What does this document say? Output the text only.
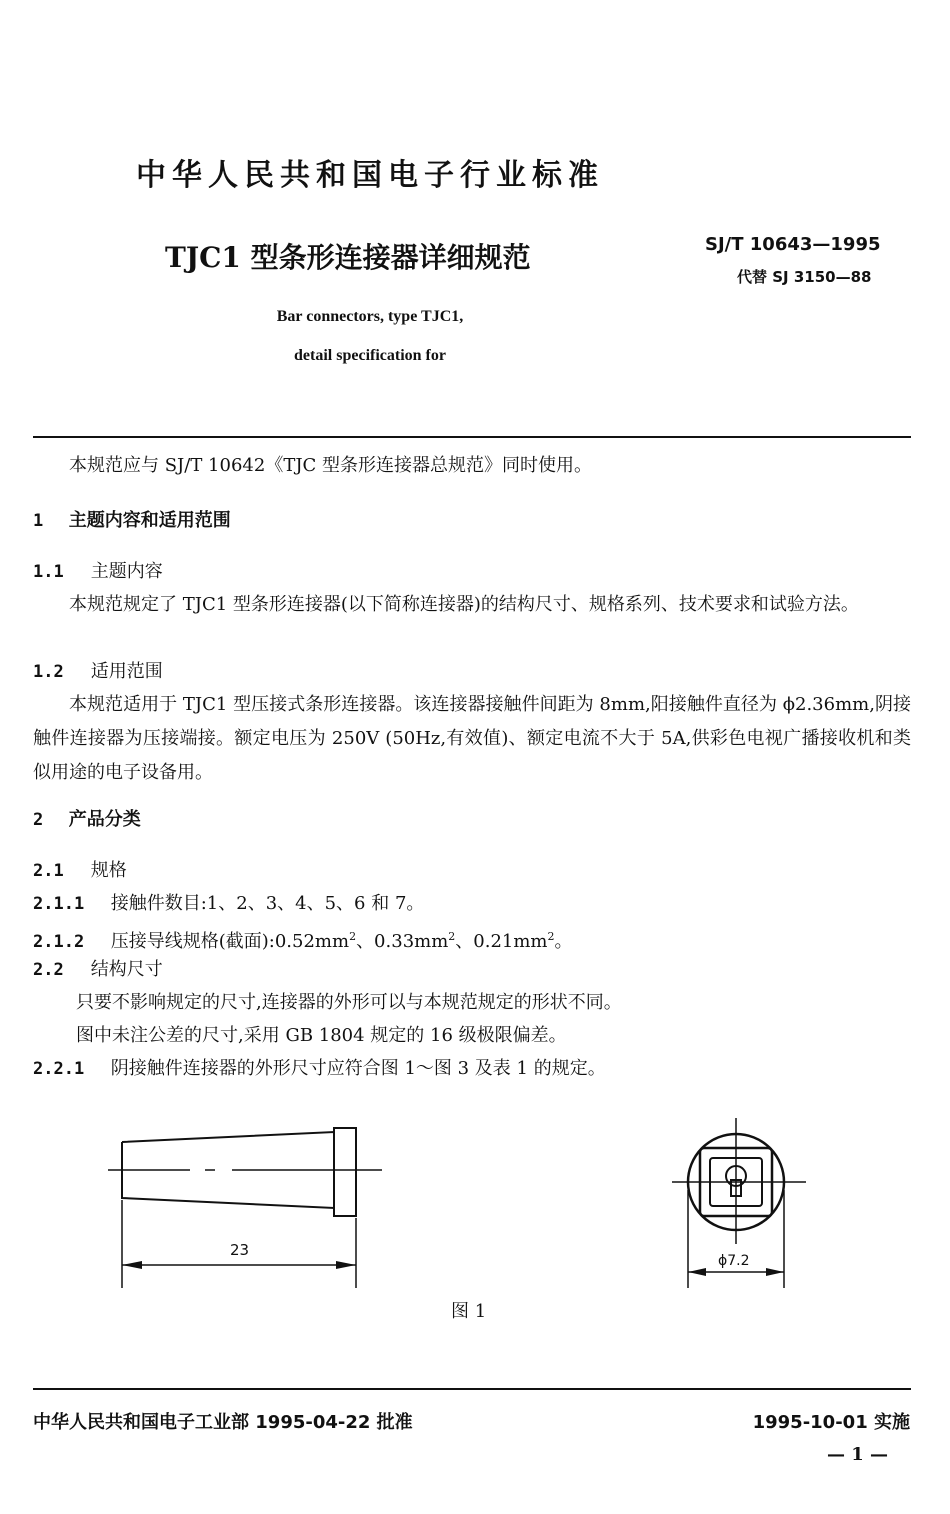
中华人民共和国电子行业标准
TJC1 型条形连接器详细规范	SJ/T 10643—1995
代替 SJ 3150—88
Bar connectors, type TJC1,
detail specification for
本规范应与 SJ/T 10642《TJC 型条形连接器总规范》同时使用。
1 主题内容和适用范围
1.1 主题内容
本规范规定了 TJC1 型条形连接器(以下简称连接器)的结构尺寸、规格系列、技术要求和试验方法。
1.2 适用范围
本规范适用于 TJC1 型压接式条形连接器。该连接器接触件间距为 8mm,阳接触件直径为 ϕ2.36mm,阴接触件连接器为压接端接。额定电压为 250V (50Hz,有效值)、额定电流不大于 5A,供彩色电视广播接收机和类似用途的电子设备用。
2 产品分类
2.1 规格
2.1.1 接触件数目:1、2、3、4、5、6 和 7。
2.1.2 压接导线规格(截面)$:0.52mm^2$、$0.33mm^2$、$0.21mm^2$。
2.2 结构尺寸
只要不影响规定的尺寸,连接器的外形可以与本规范规定的形状不同。
图中未注公差的尺寸,采用 GB 1804 规定的 16 级极限偏差。
2.2.1 阴接触件连接器的外形尺寸应符合图 1～图 3 及表 1 的规定。
23
ϕ7.2
图 1
中华人民共和国电子工业部 1995-04-22 批准	1995-10-01 实施
— 1 —
